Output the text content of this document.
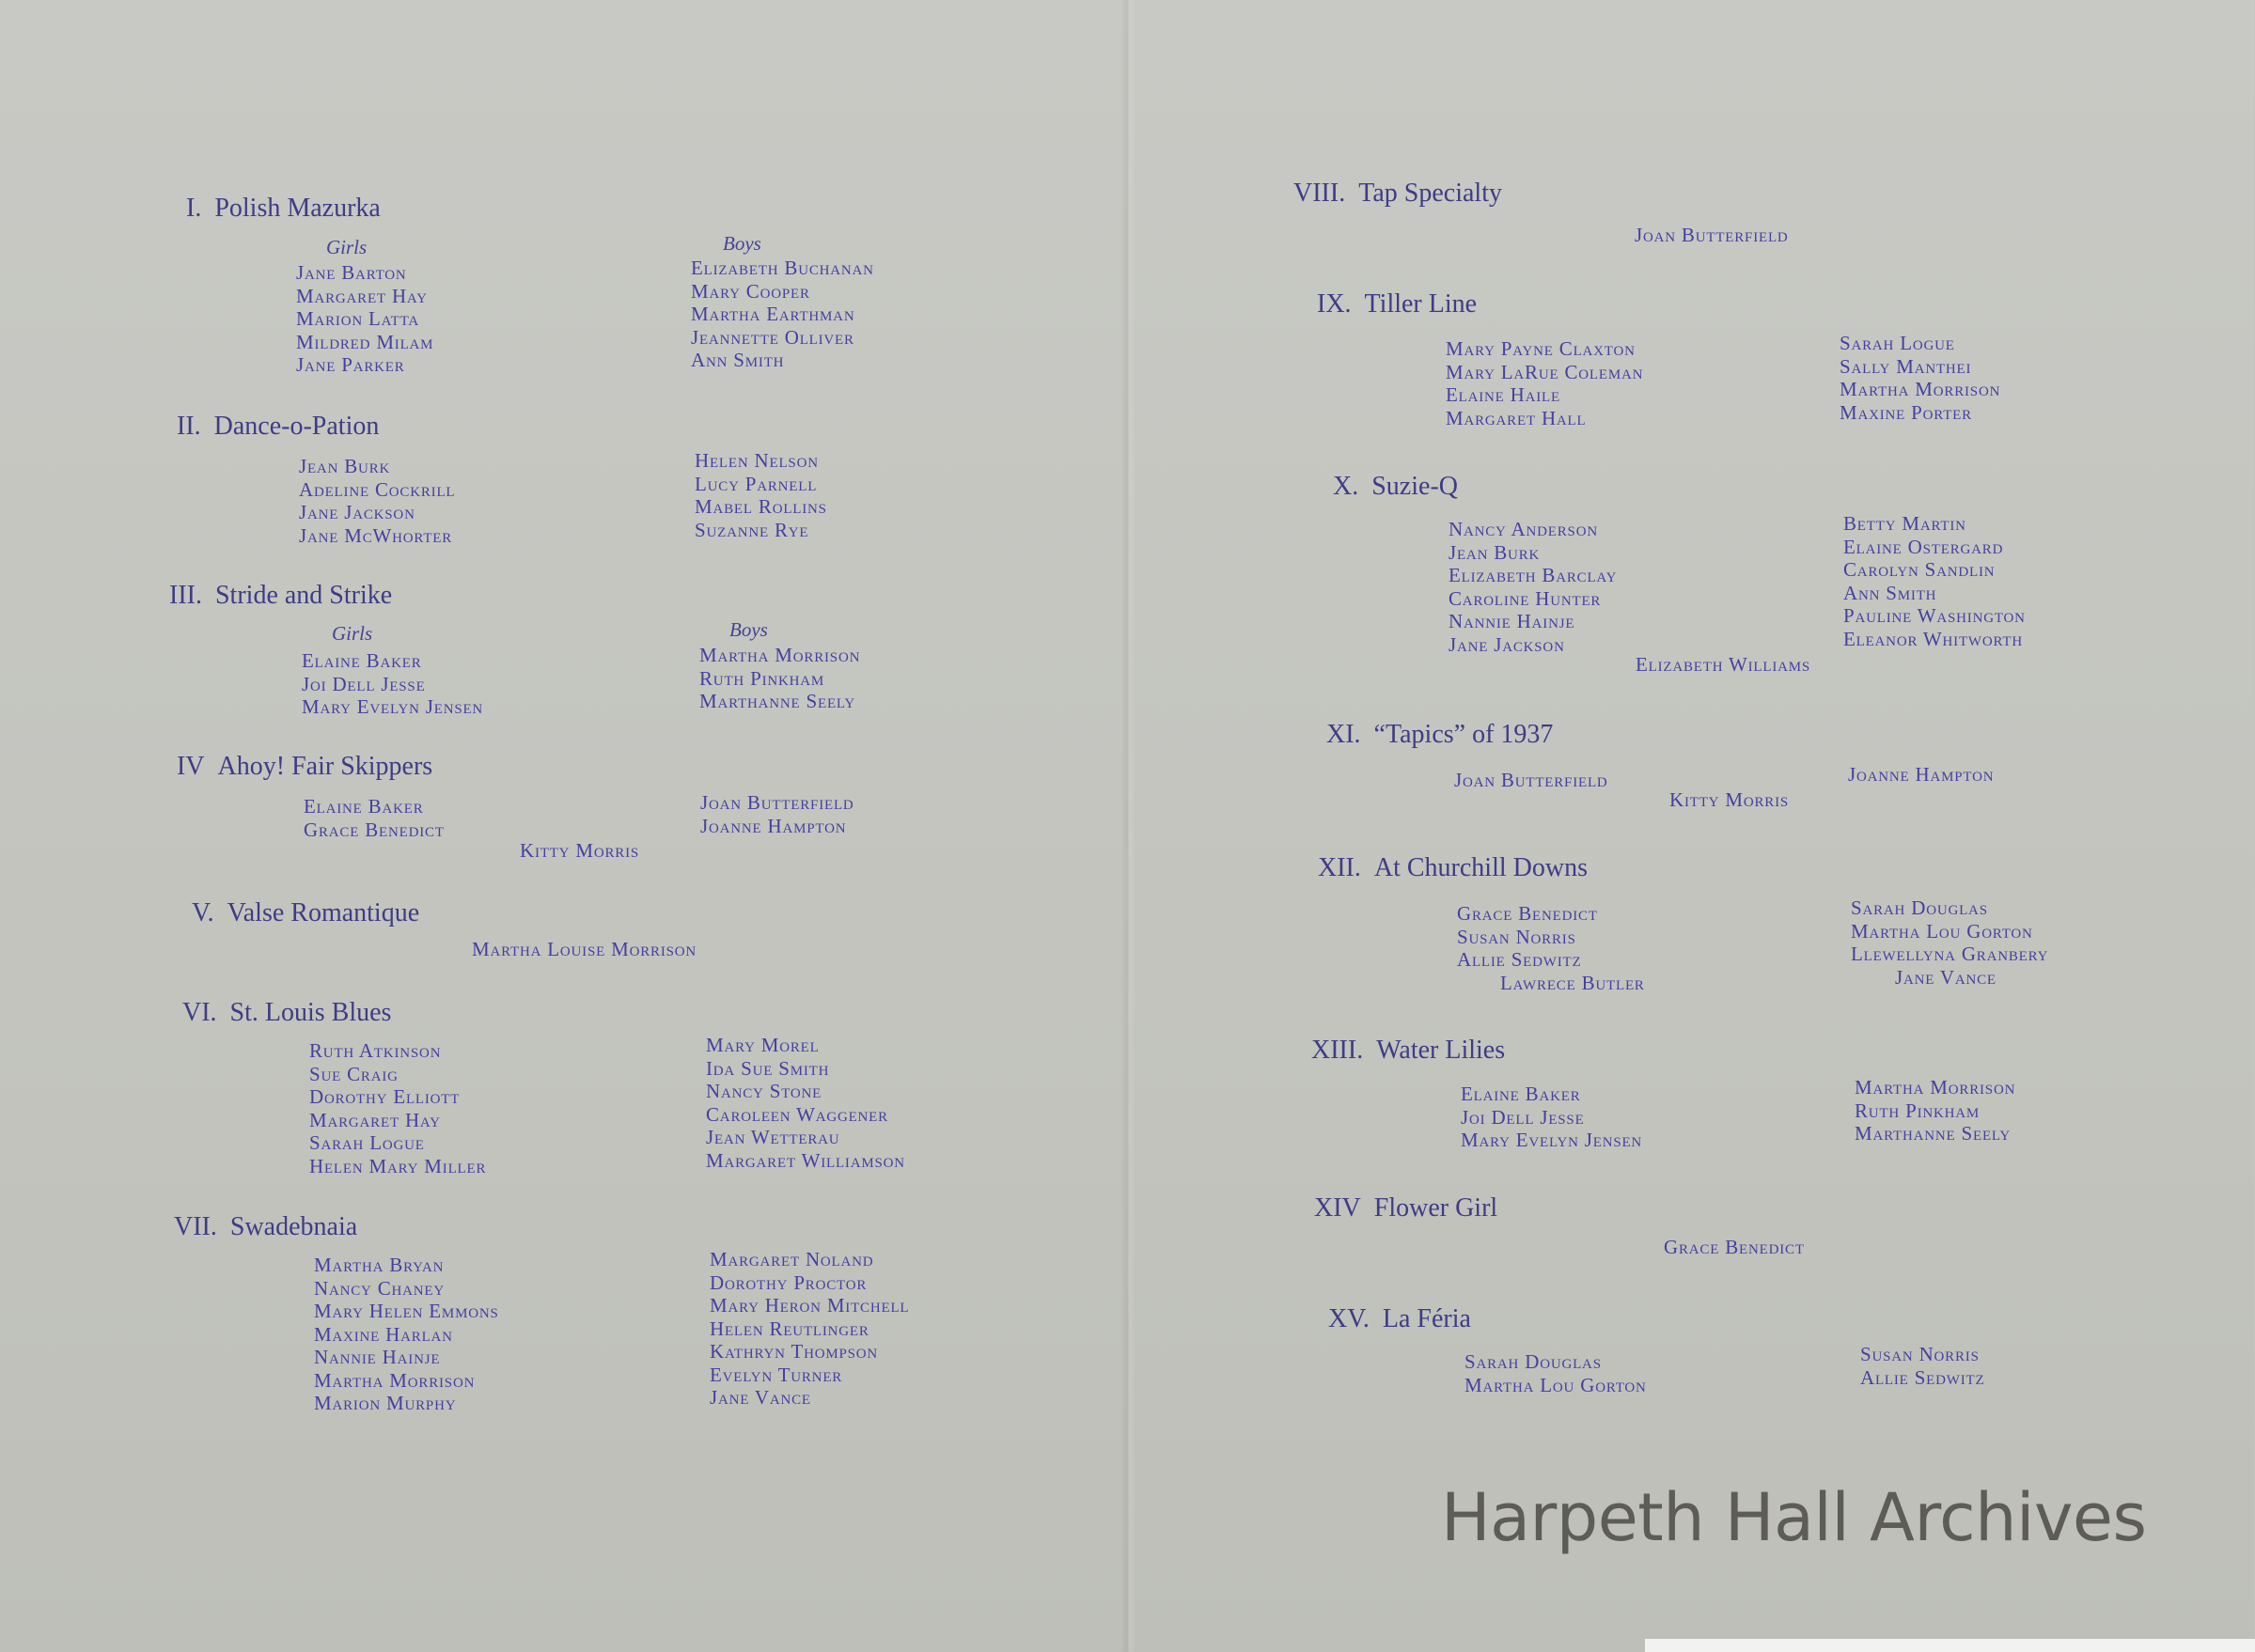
I. Polish Mazurka
Girls	Boys
Jane Barton
Margaret Hay
Marion Latta
Mildred Milam
Jane Parker
Elizabeth Buchanan
Mary Cooper
Martha Earthman
Jeannette Olliver
Ann Smith
II. Dance-o-Pation
Jean Burk
Adeline Cockrill
Jane Jackson
Jane McWhorter
Helen Nelson
Lucy Parnell
Mabel Rollins
Suzanne Rye
III. Stride and Strike
Girls	Boys
Elaine Baker
Joi Dell Jesse
Mary Evelyn Jensen
Martha Morrison
Ruth Pinkham
Marthanne Seely
IV Ahoy! Fair Skippers
Elaine Baker
Grace Benedict
Joan Butterfield
Joanne Hampton
Kitty Morris
V. Valse Romantique
Martha Louise Morrison
VI. St. Louis Blues
Ruth Atkinson
Sue Craig
Dorothy Elliott
Margaret Hay
Sarah Logue
Helen Mary Miller
Mary Morel
Ida Sue Smith
Nancy Stone
Caroleen Waggener
Jean Wetterau
Margaret Williamson
VII. Swadebnaia
Martha Bryan
Nancy Chaney
Mary Helen Emmons
Maxine Harlan
Nannie Hainje
Martha Morrison
Marion Murphy
Margaret Noland
Dorothy Proctor
Mary Heron Mitchell
Helen Reutlinger
Kathryn Thompson
Evelyn Turner
Jane Vance
VIII. Tap Specialty
Joan Butterfield
IX. Tiller Line
Mary Payne Claxton
Mary LaRue Coleman
Elaine Haile
Margaret Hall
Sarah Logue
Sally Manthei
Martha Morrison
Maxine Porter
X. Suzie-Q
Nancy Anderson
Jean Burk
Elizabeth Barclay
Caroline Hunter
Nannie Hainje
Jane Jackson
Betty Martin
Elaine Ostergard
Carolyn Sandlin
Ann Smith
Pauline Washington
Eleanor Whitworth
Elizabeth Williams
XI. “Tapics” of 1937
Joan Butterfield	Joanne Hampton
Kitty Morris
XII. At Churchill Downs
Grace Benedict
Susan Norris
Allie Sedwitz
Sarah Douglas
Martha Lou Gorton
Llewellyna Granbery
Lawrece Butler	Jane Vance
XIII. Water Lilies
Elaine Baker
Joi Dell Jesse
Mary Evelyn Jensen
Martha Morrison
Ruth Pinkham
Marthanne Seely
XIV Flower Girl
Grace Benedict
XV. La Féria
Sarah Douglas
Martha Lou Gorton
Susan Norris
Allie Sedwitz
Harpeth Hall Archives
